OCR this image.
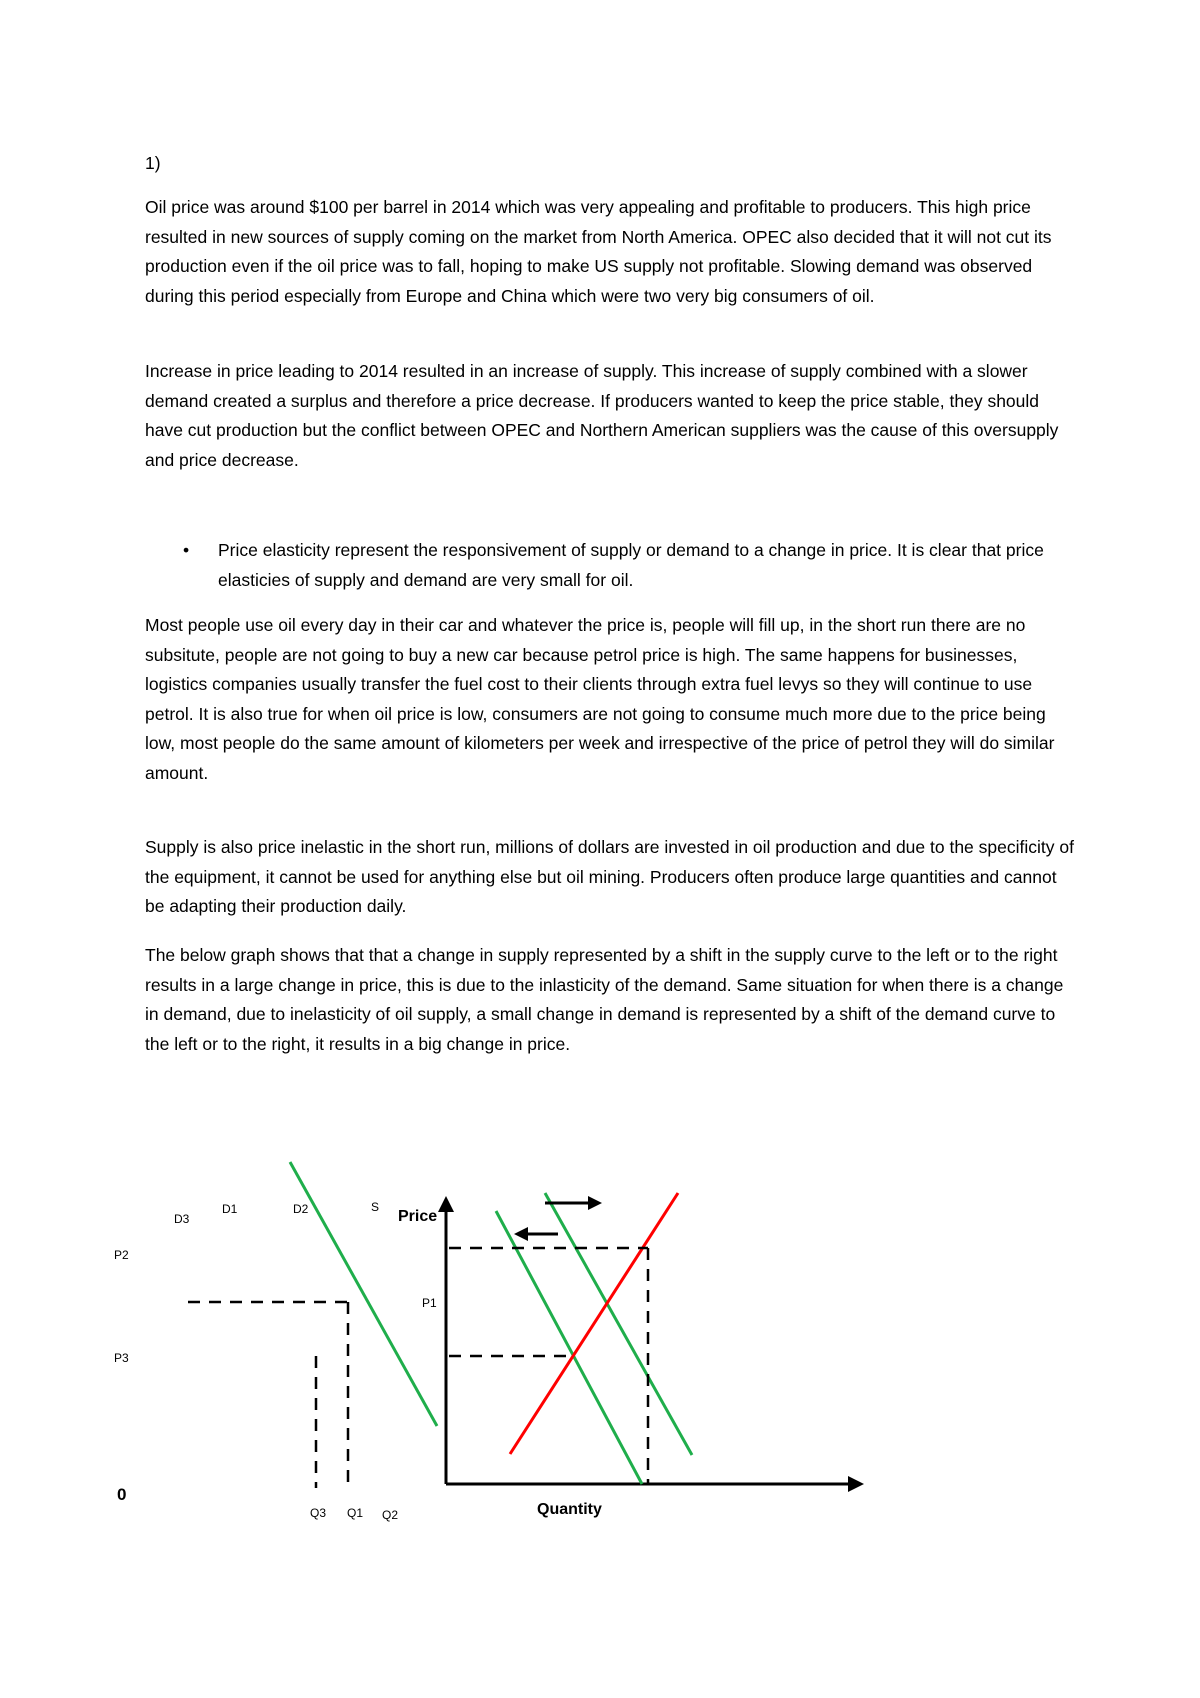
1)

Oil price was around $100 per barrel in 2014 which was very appealing and profitable to producers. This high price resulted in new sources of supply coming on the market from North America. OPEC also decided that it will not cut its production even if the oil price was to fall, hoping to make US supply not profitable. Slowing demand was observed during this period especially from Europe and China which were two very big consumers of oil.

Increase in price leading to 2014 resulted in an increase of supply. This increase of supply combined with a slower demand created a surplus and therefore a price decrease. If producers wanted to keep the price stable, they should have cut production but the conflict between OPEC and Northern American suppliers was the cause of this oversupply and price decrease.

• Price elasticity represent the responsivement of supply or demand to a change in price. It is clear that price elasticies of supply and demand are very small for oil.

Most people use oil every day in their car and whatever the price is, people will fill up, in the short run there are no subsitute, people are not going to buy a new car because petrol price is high. The same happens for businesses, logistics companies usually transfer the fuel cost to their clients through extra fuel levys so they will continue to use petrol. It is also true for when oil price is low, consumers are not going to consume much more due to the price being low, most people do the same amount of kilometers per week and irrespective of the price of petrol they will do similar amount.

Supply is also price inelastic in the short run, millions of dollars are invested in oil production and due to the specificity of the equipment, it cannot be used for anything else but oil mining. Producers often produce large quantities and cannot be adapting their production daily.

The below graph shows that that a change in supply represented by a shift in the supply curve to the left or to the right results in a large change in price, this is due to the inlasticity of the demand. Same situation for when there is a change in demand, due to inelasticity of oil supply, a small change in demand is represented by a shift of the demand curve to the left or to the right, it results in a big change in price.

D3
D1	D2	S
Price
P2
P1
P3
0
Q3 Q1 Q2	Quantity
